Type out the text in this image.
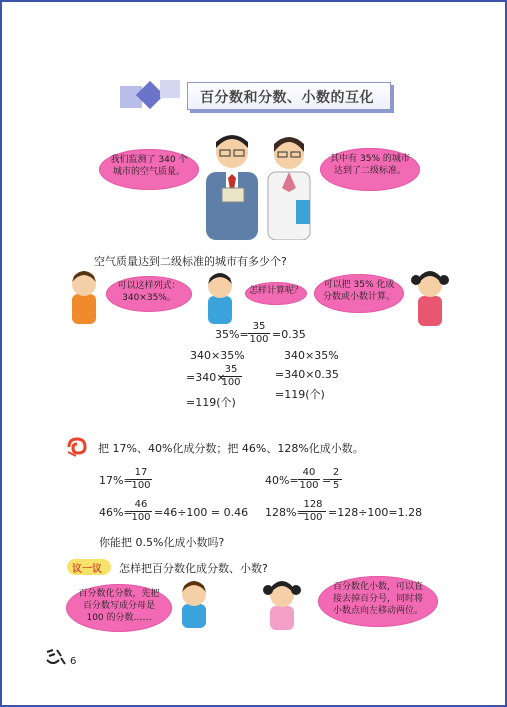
百分数和分数、小数的互化
我们监测了 340 个城市的空气质量。
其中有 35% 的城市达到了二级标准。
空气质量达到二级标准的城市有多少个?
可以这样列式：340×35%。
怎样计算呢？
可以把 35% 化成分数或小数计算。
$35\%= \frac{35}{100} =0.35$
340×35%
=340×
$\frac{35}{100}$
=119(个)
340×35%
=340×0.35
=119(个)
把 17%、40%化成分数；把 46%、128%化成小数。
17%=
$\frac{17}{100}$	$40\%= \frac{40}{100}$ =
$\frac{2}{5}$
46%=
$\frac{46}{100} =46\div 100 = 0.46$ 128%=
$\frac{128}{100} =128\div 100=1.28$
你能把 0.5%化成小数吗?
议一议 怎样把百分数化成分数、小数?
百分数化分数，先把百分数写成分母是100 的分数……
百分数化小数，可以直接去掉百分号，同时将小数点向左移动两位。
6
